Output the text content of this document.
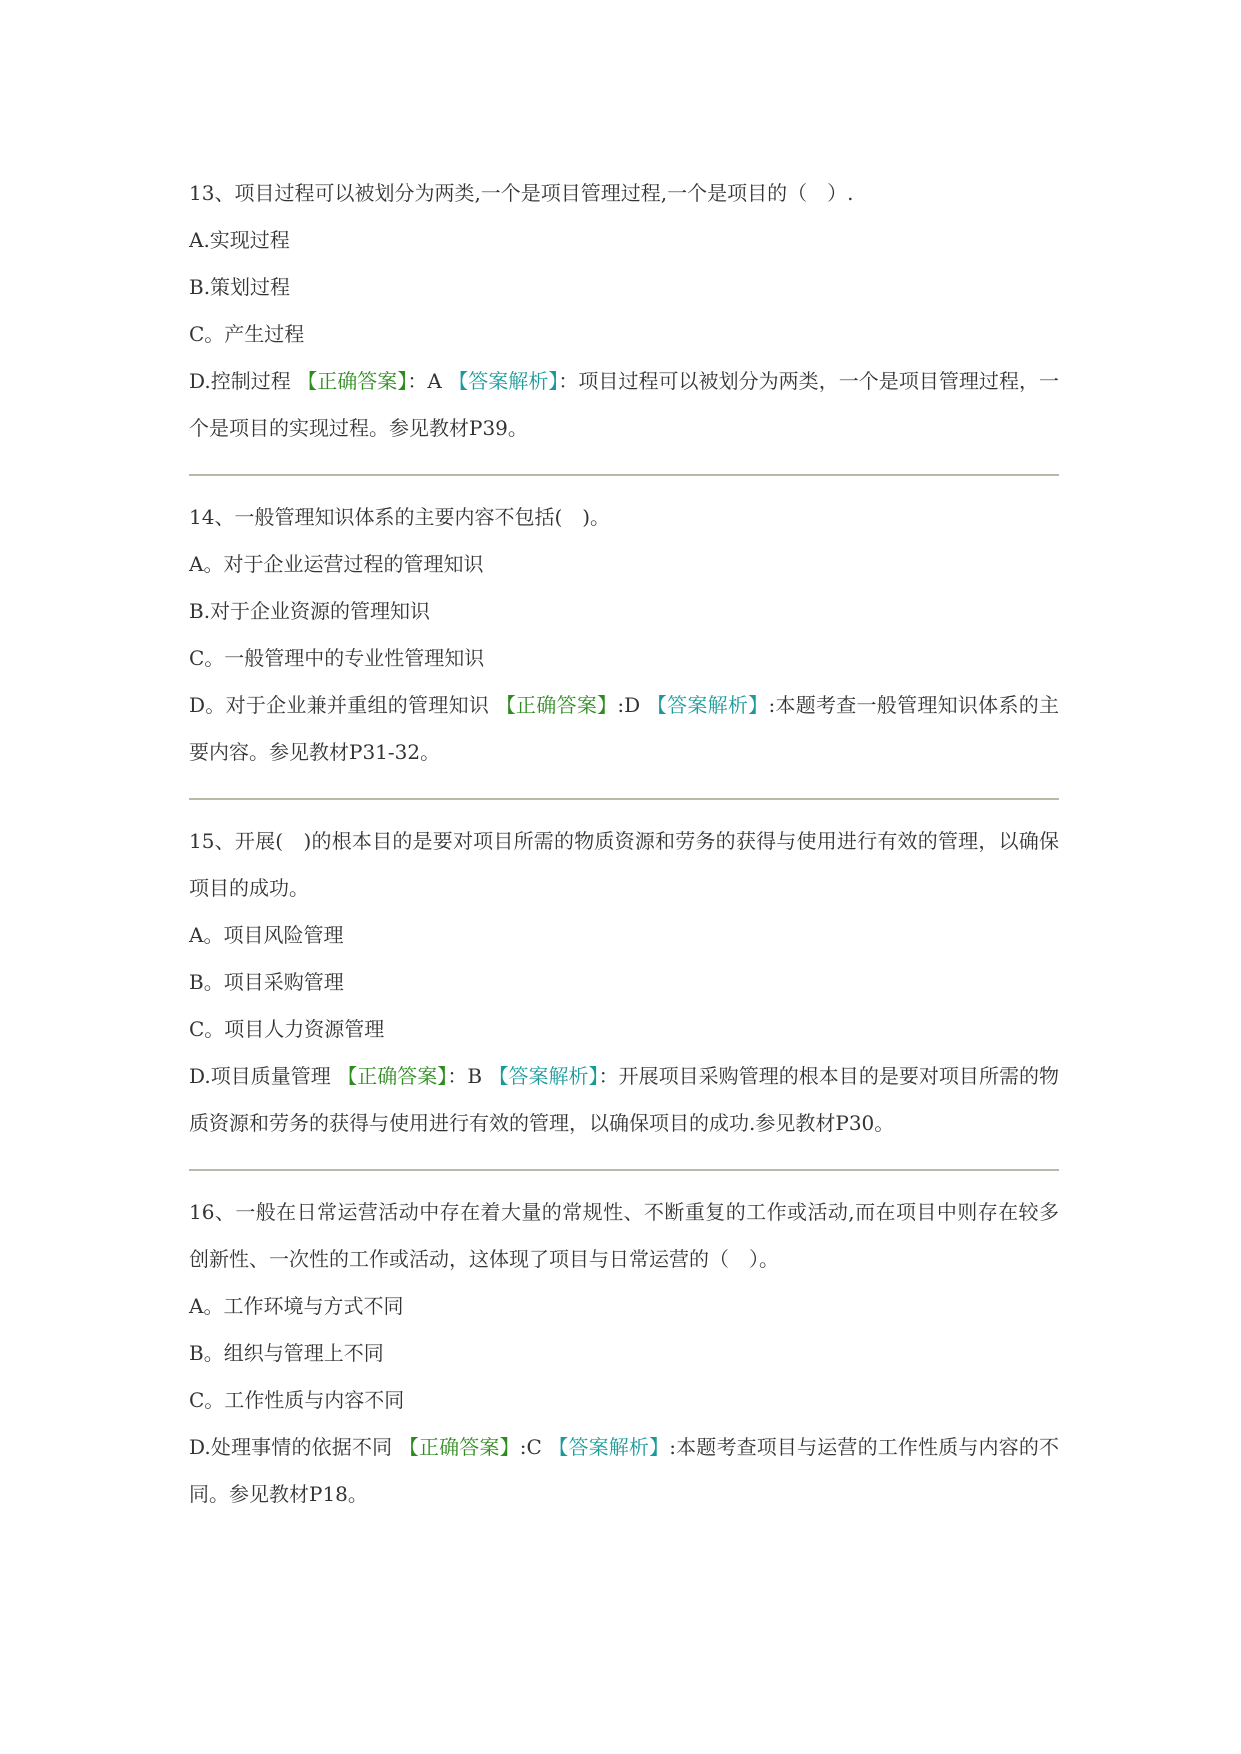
13、项目过程可以被划分为两类,一个是项目管理过程,一个是项目的（　）.

A.实现过程

B.策划过程

C。产生过程

D.控制过程 【正确答案】：A 【答案解析】：项目过程可以被划分为两类，一个是项目管理过程，一个是项目的实现过程。参见教材P39。

14、一般管理知识体系的主要内容不包括(　)。

A。对于企业运营过程的管理知识

B.对于企业资源的管理知识

C。一般管理中的专业性管理知识

D。对于企业兼并重组的管理知识 【正确答案】:D 【答案解析】:本题考查一般管理知识体系的主要内容。参见教材P31-32。

15、开展(　)的根本目的是要对项目所需的物质资源和劳务的获得与使用进行有效的管理，以确保项目的成功。

A。项目风险管理

B。项目采购管理

C。项目人力资源管理

D.项目质量管理 【正确答案】：B 【答案解析】：开展项目采购管理的根本目的是要对项目所需的物质资源和劳务的获得与使用进行有效的管理，以确保项目的成功.参见教材P30。

16、一般在日常运营活动中存在着大量的常规性、不断重复的工作或活动,而在项目中则存在较多创新性、一次性的工作或活动，这体现了项目与日常运营的（　）。

A。工作环境与方式不同

B。组织与管理上不同

C。工作性质与内容不同

D.处理事情的依据不同 【正确答案】:C 【答案解析】:本题考查项目与运营的工作性质与内容的不同。参见教材P18。
